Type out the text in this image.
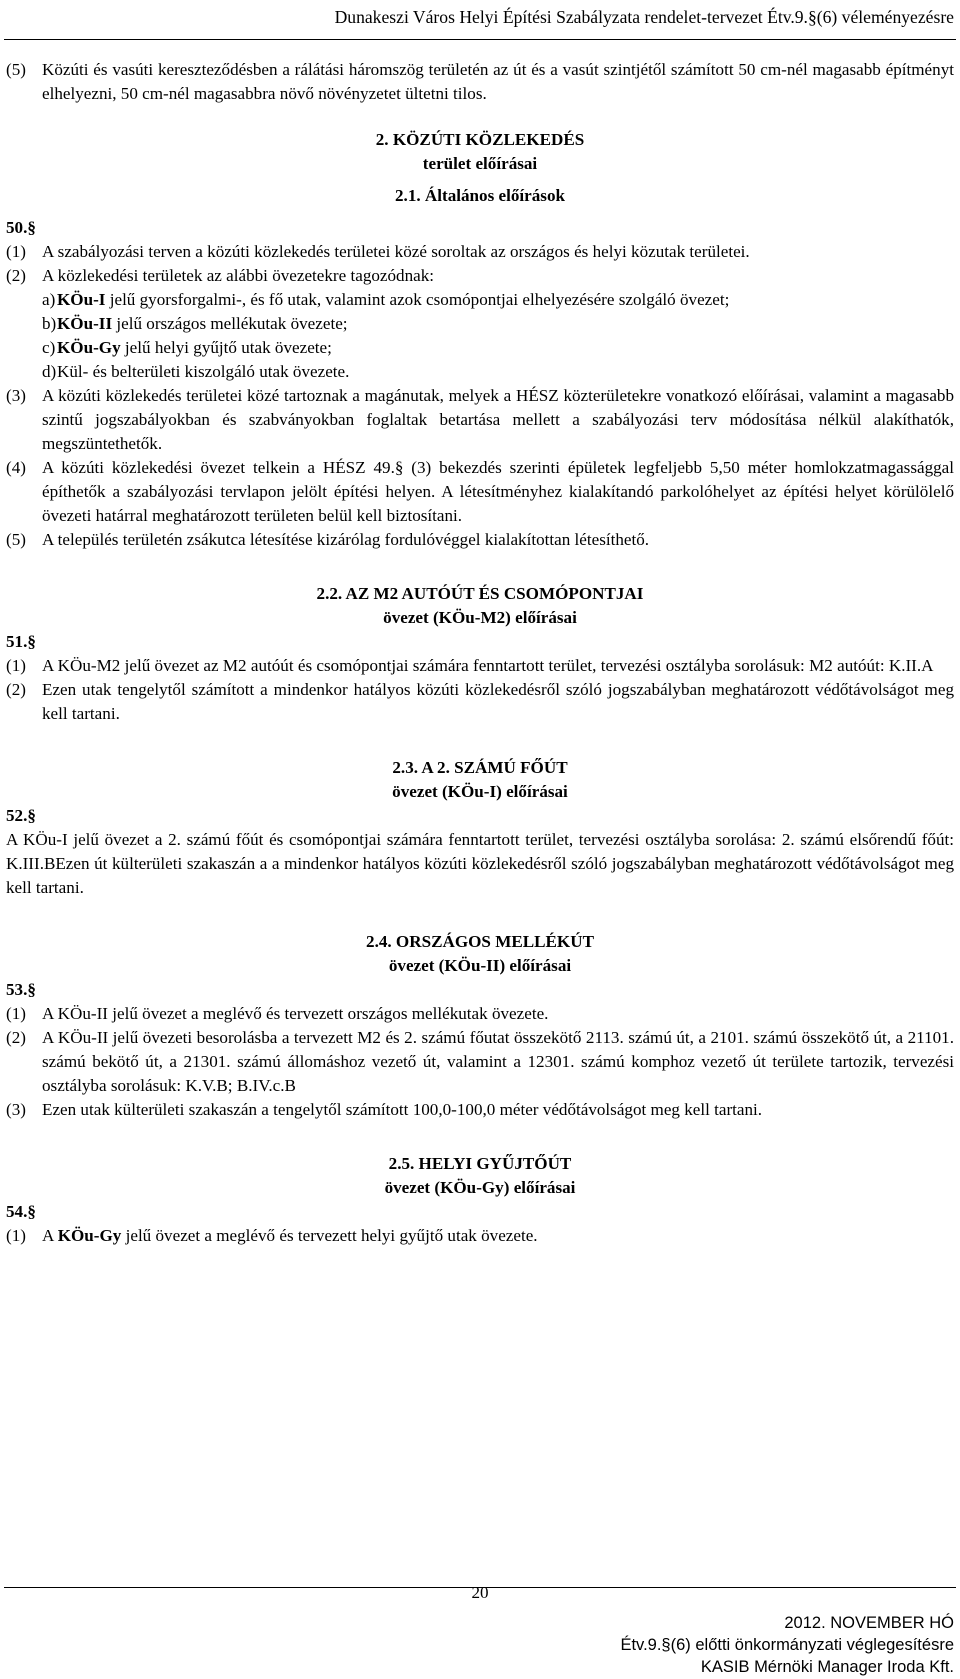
Dunakeszi Város Helyi Építési Szabályzata rendelet-tervezet Étv.9.§(6) véleményezésre
(5) Közúti és vasúti kereszteződésben a rálátási háromszög területén az út és a vasút szintjétől számított 50 cm-nél magasabb építményt elhelyezni, 50 cm-nél magasabbra növő növényzetet ültetni tilos.
2. KÖZÚTI KÖZLEKEDÉS
terület előírásai
2.1. Általános előírások
50.§
(1) A szabályozási terven a közúti közlekedés területei közé soroltak az országos és helyi közutak területei.
(2) A közlekedési területek az alábbi övezetekre tagozódnak:
a) KÖu-I jelű gyorsforgalmi-, és fő utak, valamint azok csomópontjai elhelyezésére szolgáló övezet;
b) KÖu-II jelű országos mellékutak övezete;
c) KÖu-Gy jelű helyi gyűjtő utak övezete;
d) Kül- és belterületi kiszolgáló utak övezete.
(3) A közúti közlekedés területei közé tartoznak a magánutak, melyek a HÉSZ közterületekre vonatkozó előírásai, valamint a magasabb szintű jogszabályokban és szabványokban foglaltak betartása mellett a szabályozási terv módosítása nélkül alakíthatók, megszüntethetők.
(4) A közúti közlekedési övezet telkein a HÉSZ 49.§ (3) bekezdés szerinti épületek legfeljebb 5,50 méter homlokzatmagassággal építhetők a szabályozási tervlapon jelölt építési helyen. A létesítményhez kialakítandó parkolóhelyet az építési helyet körülölelő övezeti határral meghatározott területen belül kell biztosítani.
(5) A település területén zsákutca létesítése kizárólag fordulóvéggel kialakítottan létesíthető.
2.2. AZ M2 AUTÓÚT ÉS CSOMÓPONTJAI
övezet (KÖu-M2) előírásai
51.§
(1) A KÖu-M2 jelű övezet az M2 autóút és csomópontjai számára fenntartott terület, tervezési osztályba sorolásuk: M2 autóút: K.II.A
(2) Ezen utak tengelytől számított a mindenkor hatályos közúti közlekedésről szóló jogszabályban meghatározott védőtávolságot meg kell tartani.
2.3. A 2. SZÁMÚ FŐÚT
övezet (KÖu-I) előírásai
52.§
A KÖu-I jelű övezet a 2. számú főút és csomópontjai számára fenntartott terület, tervezési osztályba sorolása: 2. számú elsőrendű főút: K.III.BEzen út külterületi szakaszán a a mindenkor hatályos közúti közlekedésről szóló jogszabályban meghatározott védőtávolságot meg kell tartani.
2.4. ORSZÁGOS MELLÉKÚT
övezet (KÖu-II) előírásai
53.§
(1) A KÖu-II jelű övezet a meglévő és tervezett országos mellékutak övezete.
(2) A KÖu-II jelű övezeti besorolásba a tervezett M2 és 2. számú főutat összekötő 2113. számú út, a 2101. számú összekötő út, a 21101. számú bekötő út, a 21301. számú állomáshoz vezető út, valamint a 12301. számú komphoz vezető út területe tartozik, tervezési osztályba sorolásuk: K.V.B; B.IV.c.B
(3) Ezen utak külterületi szakaszán a tengelytől számított 100,0-100,0 méter védőtávolságot meg kell tartani.
2.5. HELYI GYŰJTŐÚT
övezet (KÖu-Gy) előírásai
54.§
(1) A KÖu-Gy jelű övezet a meglévő és tervezett helyi gyűjtő utak övezete.
20
2012. NOVEMBER HÓ
Étv.9.§(6) előtti önkormányzati véglegesítésre
KASIB Mérnöki Manager Iroda Kft.
